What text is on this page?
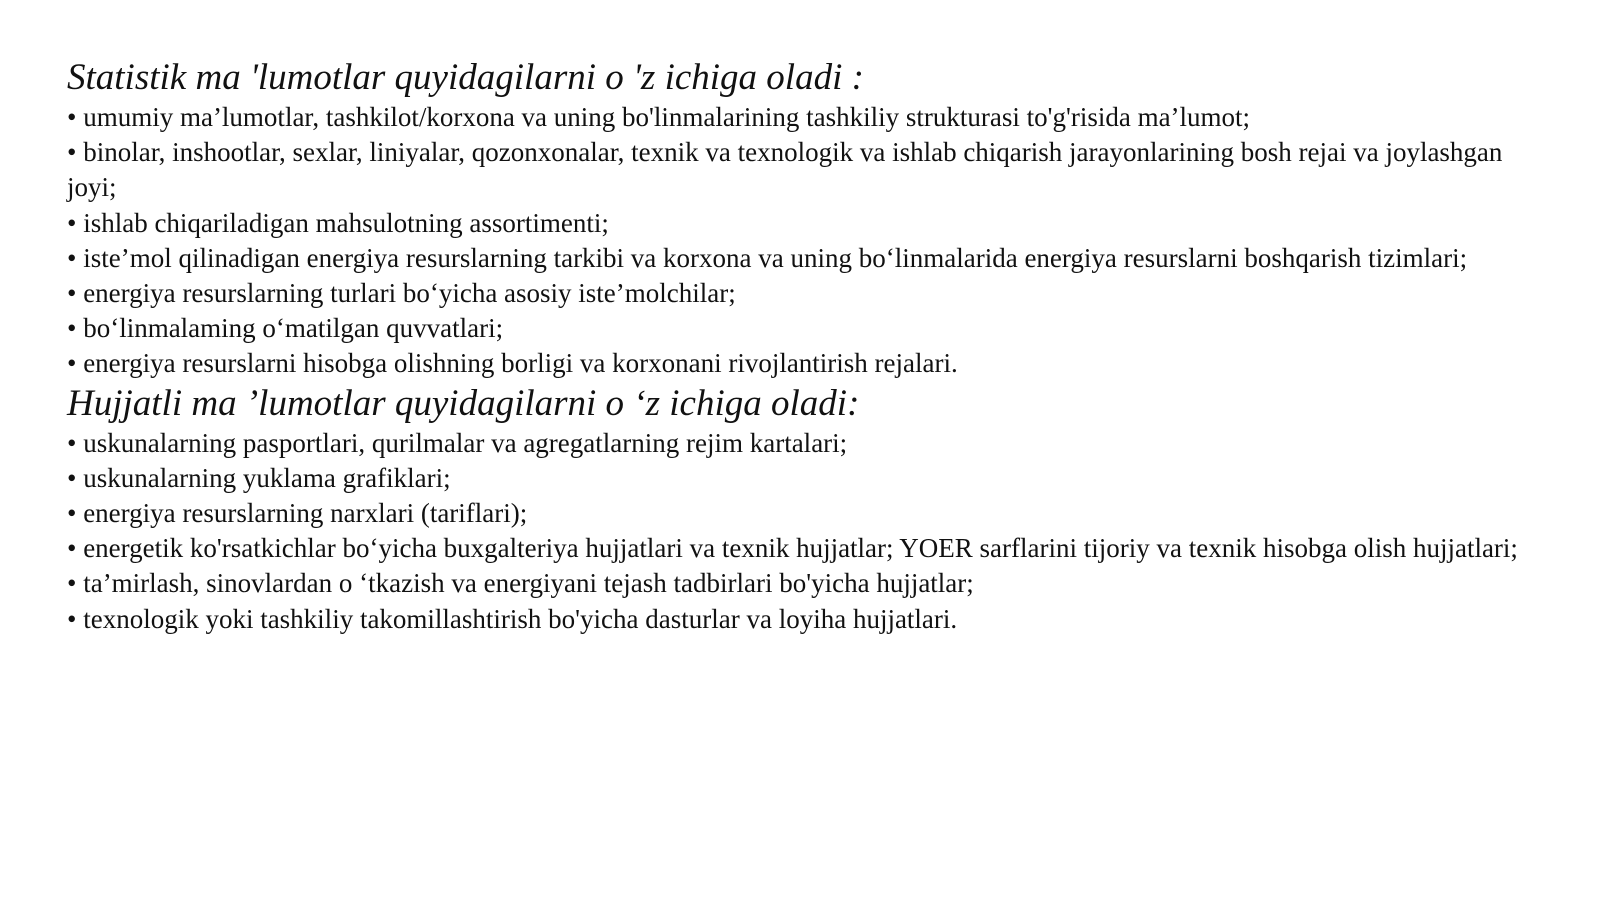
Statistik ma 'lumotlar quyidagilarni o 'z ichiga oladi :
• umumiy ma’lumotlar, tashkilot/korxona va uning bo'linmalarining tashkiliy strukturasi to'g'risida ma’lumot;
• binolar, inshootlar, sexlar, liniyalar, qozonxonalar, texnik va texnologik va ishlab chiqarish jarayonlarining bosh rejai va joylashgan joyi;
• ishlab chiqariladigan mahsulotning assortimenti;
• iste’mol qilinadigan energiya resurslarning tarkibi va korxona va uning bo‘linmalarida energiya resurslarni boshqarish tizimlari;
• energiya resurslarning turlari bo‘yicha asosiy iste’molchilar;
• bo‘linmalaming o‘matilgan quvvatlari;
• energiya resurslarni hisobga olishning borligi va korxonani rivojlantirish rejalari.
Hujjatli ma ’lumotlar quyidagilarni o ‘z ichiga oladi:
• uskunalarning pasportlari, qurilmalar va agregatlarning rejim kartalari;
• uskunalarning yuklama grafiklari;
• energiya resurslarning narxlari (tariflari);
• energetik ko'rsatkichlar bo‘yicha buxgalteriya hujjatlari va texnik hujjatlar; YOER sarflarini tijoriy va texnik hisobga olish hujjatlari;
• ta’mirlash, sinovlardan o ‘tkazish va energiyani tejash tadbirlari bo'yicha hujjatlar;
• texnologik yoki tashkiliy takomillashtirish bo'yicha dasturlar va loyiha hujjatlari.
